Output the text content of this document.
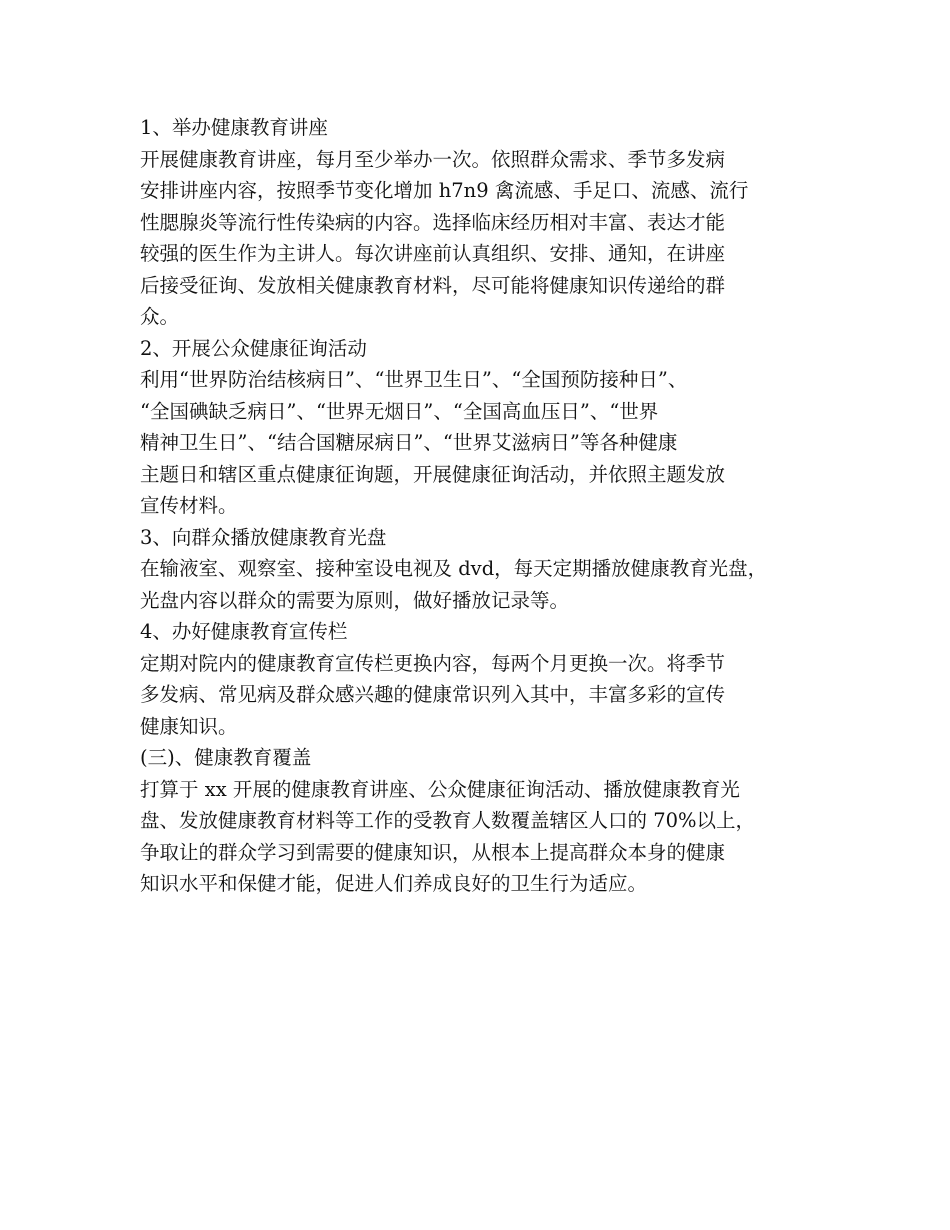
1、举办健康教育讲座

开展健康教育讲座，每月至少举办一次。依照群众需求、季节多发病

安排讲座内容，按照季节变化增加 h7n9 禽流感、手足口、流感、流行

性腮腺炎等流行性传染病的内容。选择临床经历相对丰富、表达才能

较强的医生作为主讲人。每次讲座前认真组织、安排、通知，在讲座

后接受征询、发放相关健康教育材料，尽可能将健康知识传递给的群

众。

2、开展公众健康征询活动

利用“世界防治结核病日”、“世界卫生日”、“全国预防接种日”、

“全国碘缺乏病日”、“世界无烟日”、“全国高血压日”、“世界

精神卫生日”、“结合国糖尿病日”、“世界艾滋病日”等各种健康

主题日和辖区重点健康征询题，开展健康征询活动，并依照主题发放

宣传材料。

3、向群众播放健康教育光盘

在输液室、观察室、接种室设电视及 dvd，每天定期播放健康教育光盘，

光盘内容以群众的需要为原则，做好播放记录等。

4、办好健康教育宣传栏

定期对院内的健康教育宣传栏更换内容，每两个月更换一次。将季节

多发病、常见病及群众感兴趣的健康常识列入其中，丰富多彩的宣传

健康知识。

(三)、健康教育覆盖

打算于 xx 开展的健康教育讲座、公众健康征询活动、播放健康教育光

盘、发放健康教育材料等工作的受教育人数覆盖辖区人口的 70%以上，

争取让的群众学习到需要的健康知识，从根本上提高群众本身的健康

知识水平和保健才能，促进人们养成良好的卫生行为适应。
